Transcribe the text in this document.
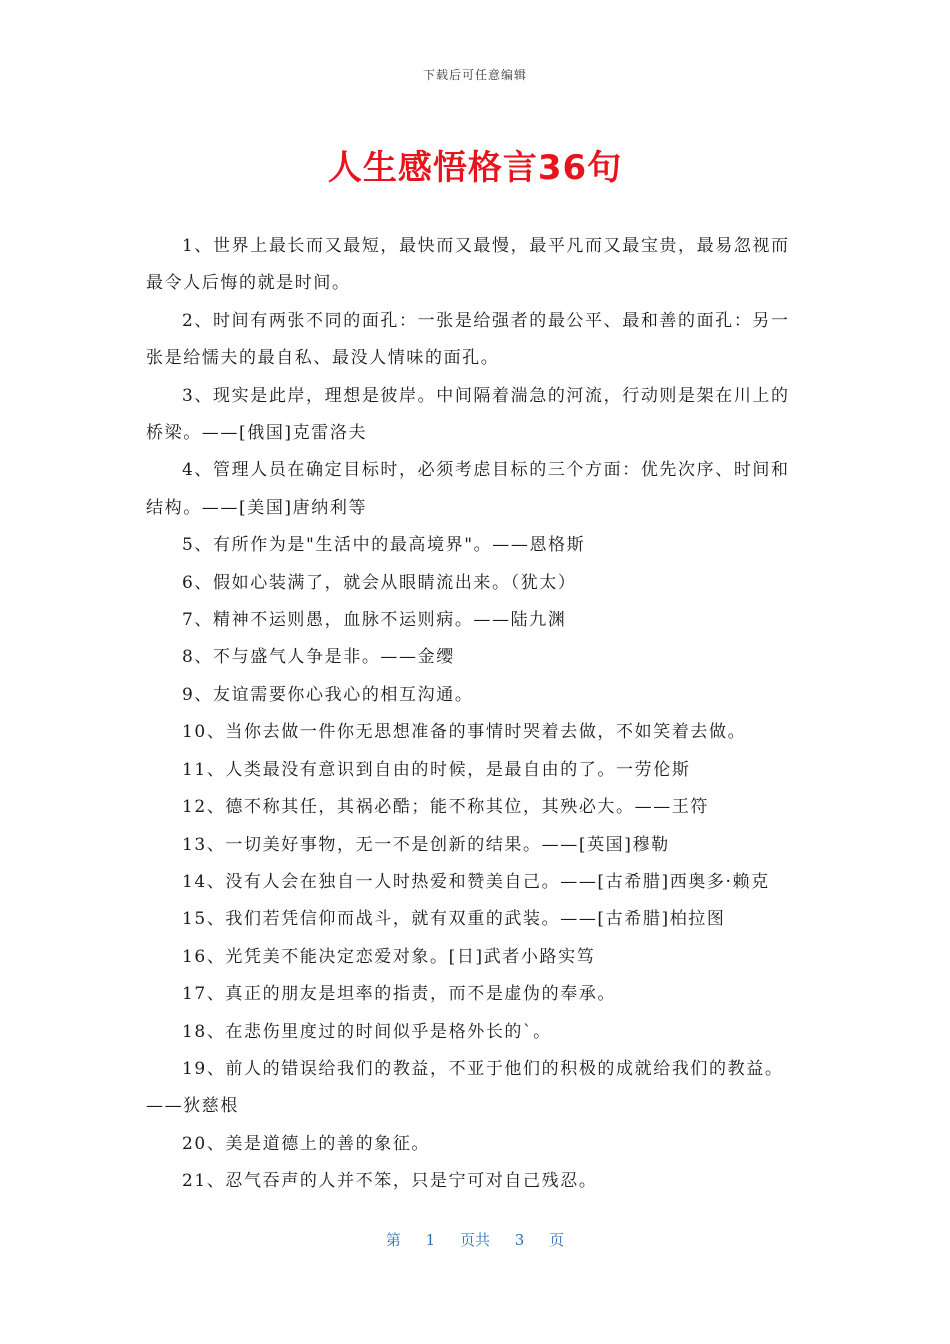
下载后可任意编辑
人生感悟格言36句

1、世界上最长而又最短，最快而又最慢，最平凡而又最宝贵，最易忽视而最令人后悔的就是时间。

2、时间有两张不同的面孔：一张是给强者的最公平、最和善的面孔：另一张是给懦夫的最自私、最没人情味的面孔。

3、现实是此岸，理想是彼岸。中间隔着湍急的河流，行动则是架在川上的桥梁。——[俄国]克雷洛夫

4、管理人员在确定目标时，必须考虑目标的三个方面：优先次序、时间和结构。——[美国]唐纳利等

5、有所作为是"生活中的最高境界"。——恩格斯

6、假如心装满了，就会从眼睛流出来。（犹太）

7、精神不运则愚，血脉不运则病。——陆九渊

8、不与盛气人争是非。——金缨

9、友谊需要你心我心的相互沟通。

10、当你去做一件你无思想准备的事情时哭着去做，不如笑着去做。

11、人类最没有意识到自由的时候，是最自由的了。一劳伦斯

12、德不称其任，其祸必酷；能不称其位，其殃必大。——王符

13、一切美好事物，无一不是创新的结果。——[英国]穆勒

14、没有人会在独自一人时热爱和赞美自己。——[古希腊]西奥多·赖克

15、我们若凭信仰而战斗，就有双重的武装。——[古希腊]柏拉图

16、光凭美不能决定恋爱对象。[日]武者小路实笃

17、真正的朋友是坦率的指责，而不是虚伪的奉承。

18、在悲伤里度过的时间似乎是格外长的`。

19、前人的错误给我们的教益，不亚于他们的积极的成就给我们的教益。——狄慈根

20、美是道德上的善的象征。

21、忍气吞声的人并不笨，只是宁可对自己残忍。

第 1 页共 3 页
